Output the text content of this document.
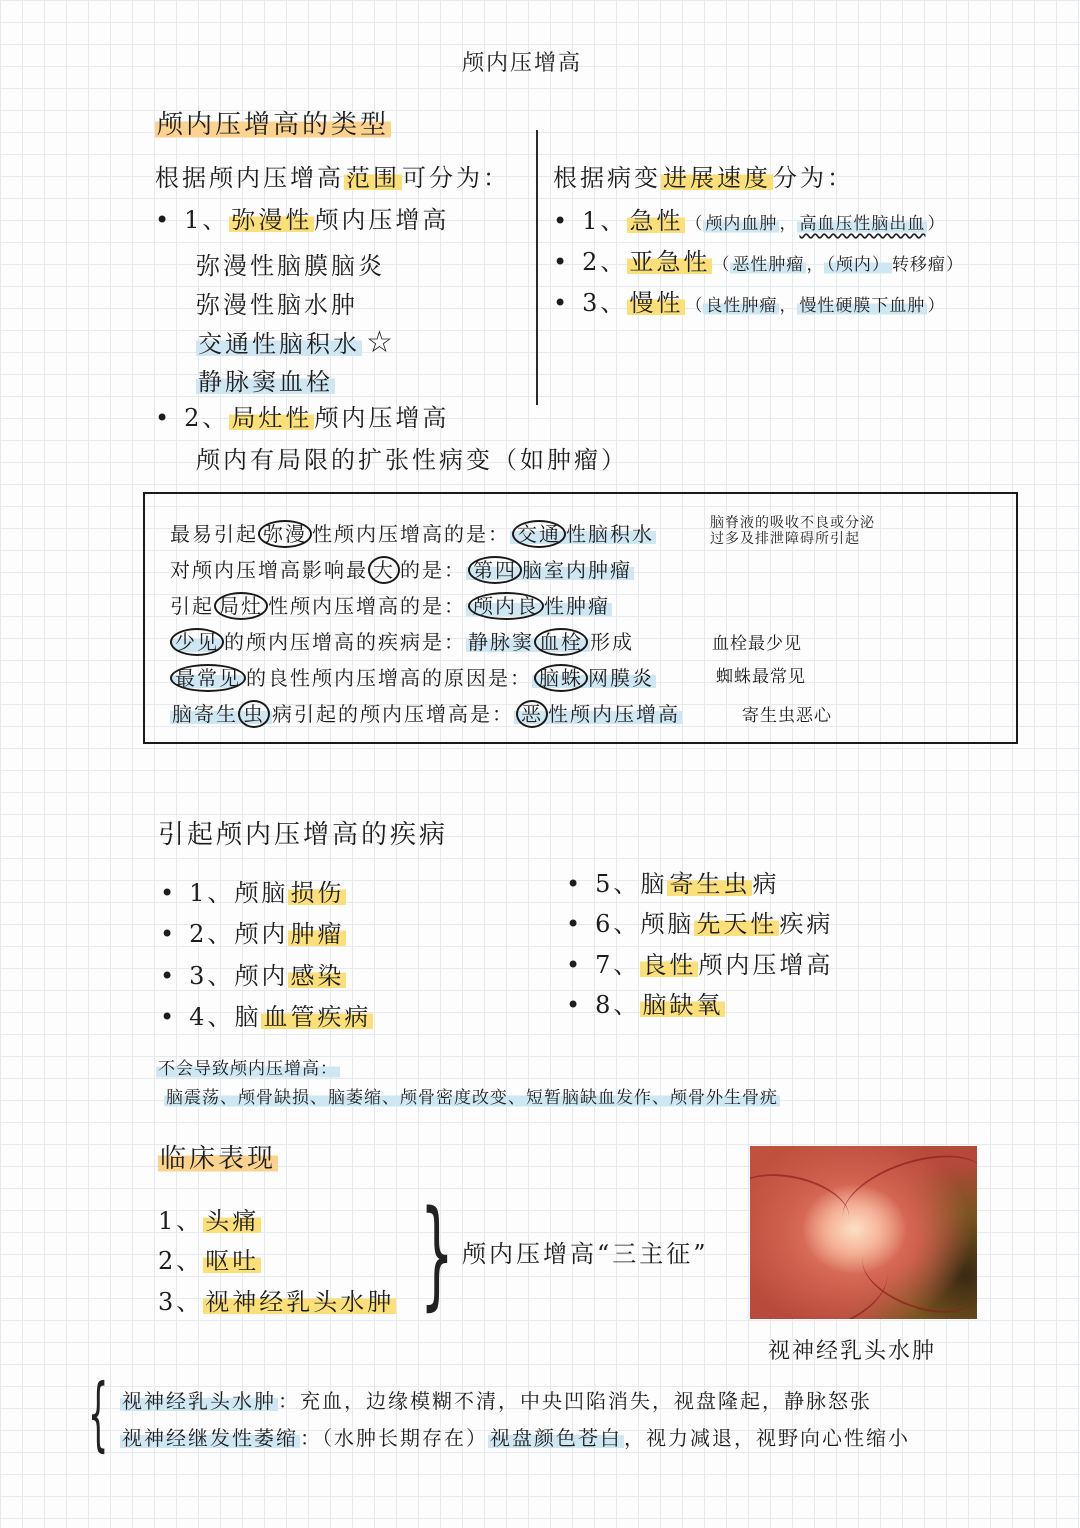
颅内压增高
颅内压增高的类型
根据颅内压增高范围可分为：
• 1、弥漫性颅内压增高
弥漫性脑膜脑炎
弥漫性脑水肿
交通性脑积水 ☆
静脉窦血栓
• 2、局灶性颅内压增高
颅内有局限的扩张性病变（如肿瘤）
根据病变进展速度分为：
• 1、急性 （ 颅内血肿 ， 高血压性脑出血 ）
• 2、亚急性 （ 恶性肿瘤 ， （颅内） 转移瘤）
• 3、慢性 （ 良性肿瘤 ， 慢性硬膜下血肿 ）
最易引起 弥漫 性颅内压增高的是： 交通 性脑积水	脑脊液的吸收不良或分泌
过多及排泄障碍所引起
对颅内压增高影响最 大 的是： 第四 脑室内肿瘤
引起 局灶 性颅内压增高的是： 颅内良 性肿瘤
少见 的颅内压增高的疾病是： 静脉窦 血栓 形成	血栓最少见
最常见 的良性颅内压增高的原因是： 脑蛛 网膜炎	蜘蛛最常见
脑寄生 虫 病引起的颅内压增高是： 恶 性颅内压增高	寄生虫恶心
引起颅内压增高的疾病
• 1、颅脑损伤
• 2、颅内肿瘤
• 3、颅内感染
• 4、脑血管疾病
• 5、脑寄生虫病
• 6、颅脑先天性疾病
• 7、良性颅内压增高
• 8、脑缺氧
不会导致颅内压增高：
脑震荡、颅骨缺损、脑萎缩、颅骨密度改变、短暂脑缺血发作、颅骨外生骨疣
临床表现
1、头痛
2、呕吐
3、视神经乳头水肿 } 颅内压增高“三主征”
视神经乳头水肿
{ 视神经乳头水肿 ：充血，边缘模糊不清，中央凹陷消失，视盘隆起，静脉怒张
视神经继发性萎缩 ：（水肿长期存在） 视盘颜色苍白 ，视力减退，视野向心性缩小
